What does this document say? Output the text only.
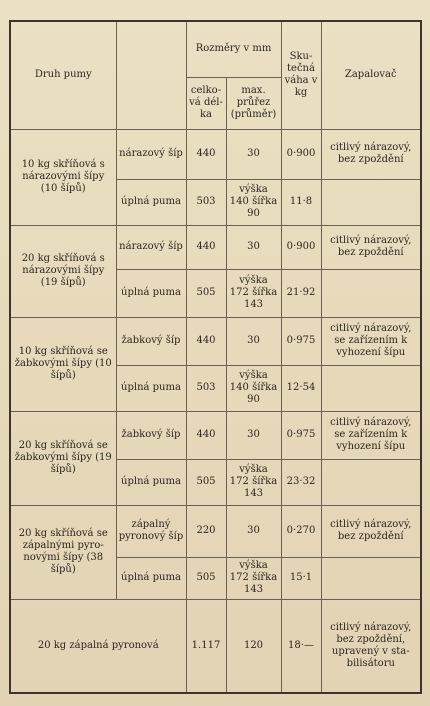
Druh pumy		Rozměry v mm		Sku- tečná váha v kg	Zapalovač
		celko- vá dél- ka	max. průřez (průměr)		
10 kg skříňová s nárazovými šípy (10 šípů)	nárazový šíp	440	30	0·900	citlivý nárazový, bez zpoždění
	úplná puma	503	výška 140 šířka 90	11·8	
20 kg skříňová s nárazovými šípy (19 šípů)	nárazový šíp	440	30	0·900	citlivý nárazový, bez zpoždění
	úplná puma	505	výška 172 šířka 143	21·92	
10 kg skříňová se žabkovými šípy (10 šípů)	žabkový šíp	440	30	0·975	citlivý nárazový, se zařízením k vyhození šípu
	úplná puma	503	výška 140 šířka 90	12·54	
20 kg skříňová se žabkovými šípy (19 šípů)	žabkový šíp	440	30	0·975	citlivý nárazový, se zařízením k vyhození šípu
	úplná puma	505	výška 172 šířka 143	23·32	
20 kg skříňová se zápalnými pyro- novými šípy (38 šípů)	zápalný pyronový šíp	220	30	0·270	citlivý nárazový, bez zpoždění
	úplná puma	505	výška 172 šířka 143	15·1	
20 kg zápalná pyronová		1.117	120	18·—	citlivý nárazový, bez zpoždění, upravený v sta- bilisátoru
